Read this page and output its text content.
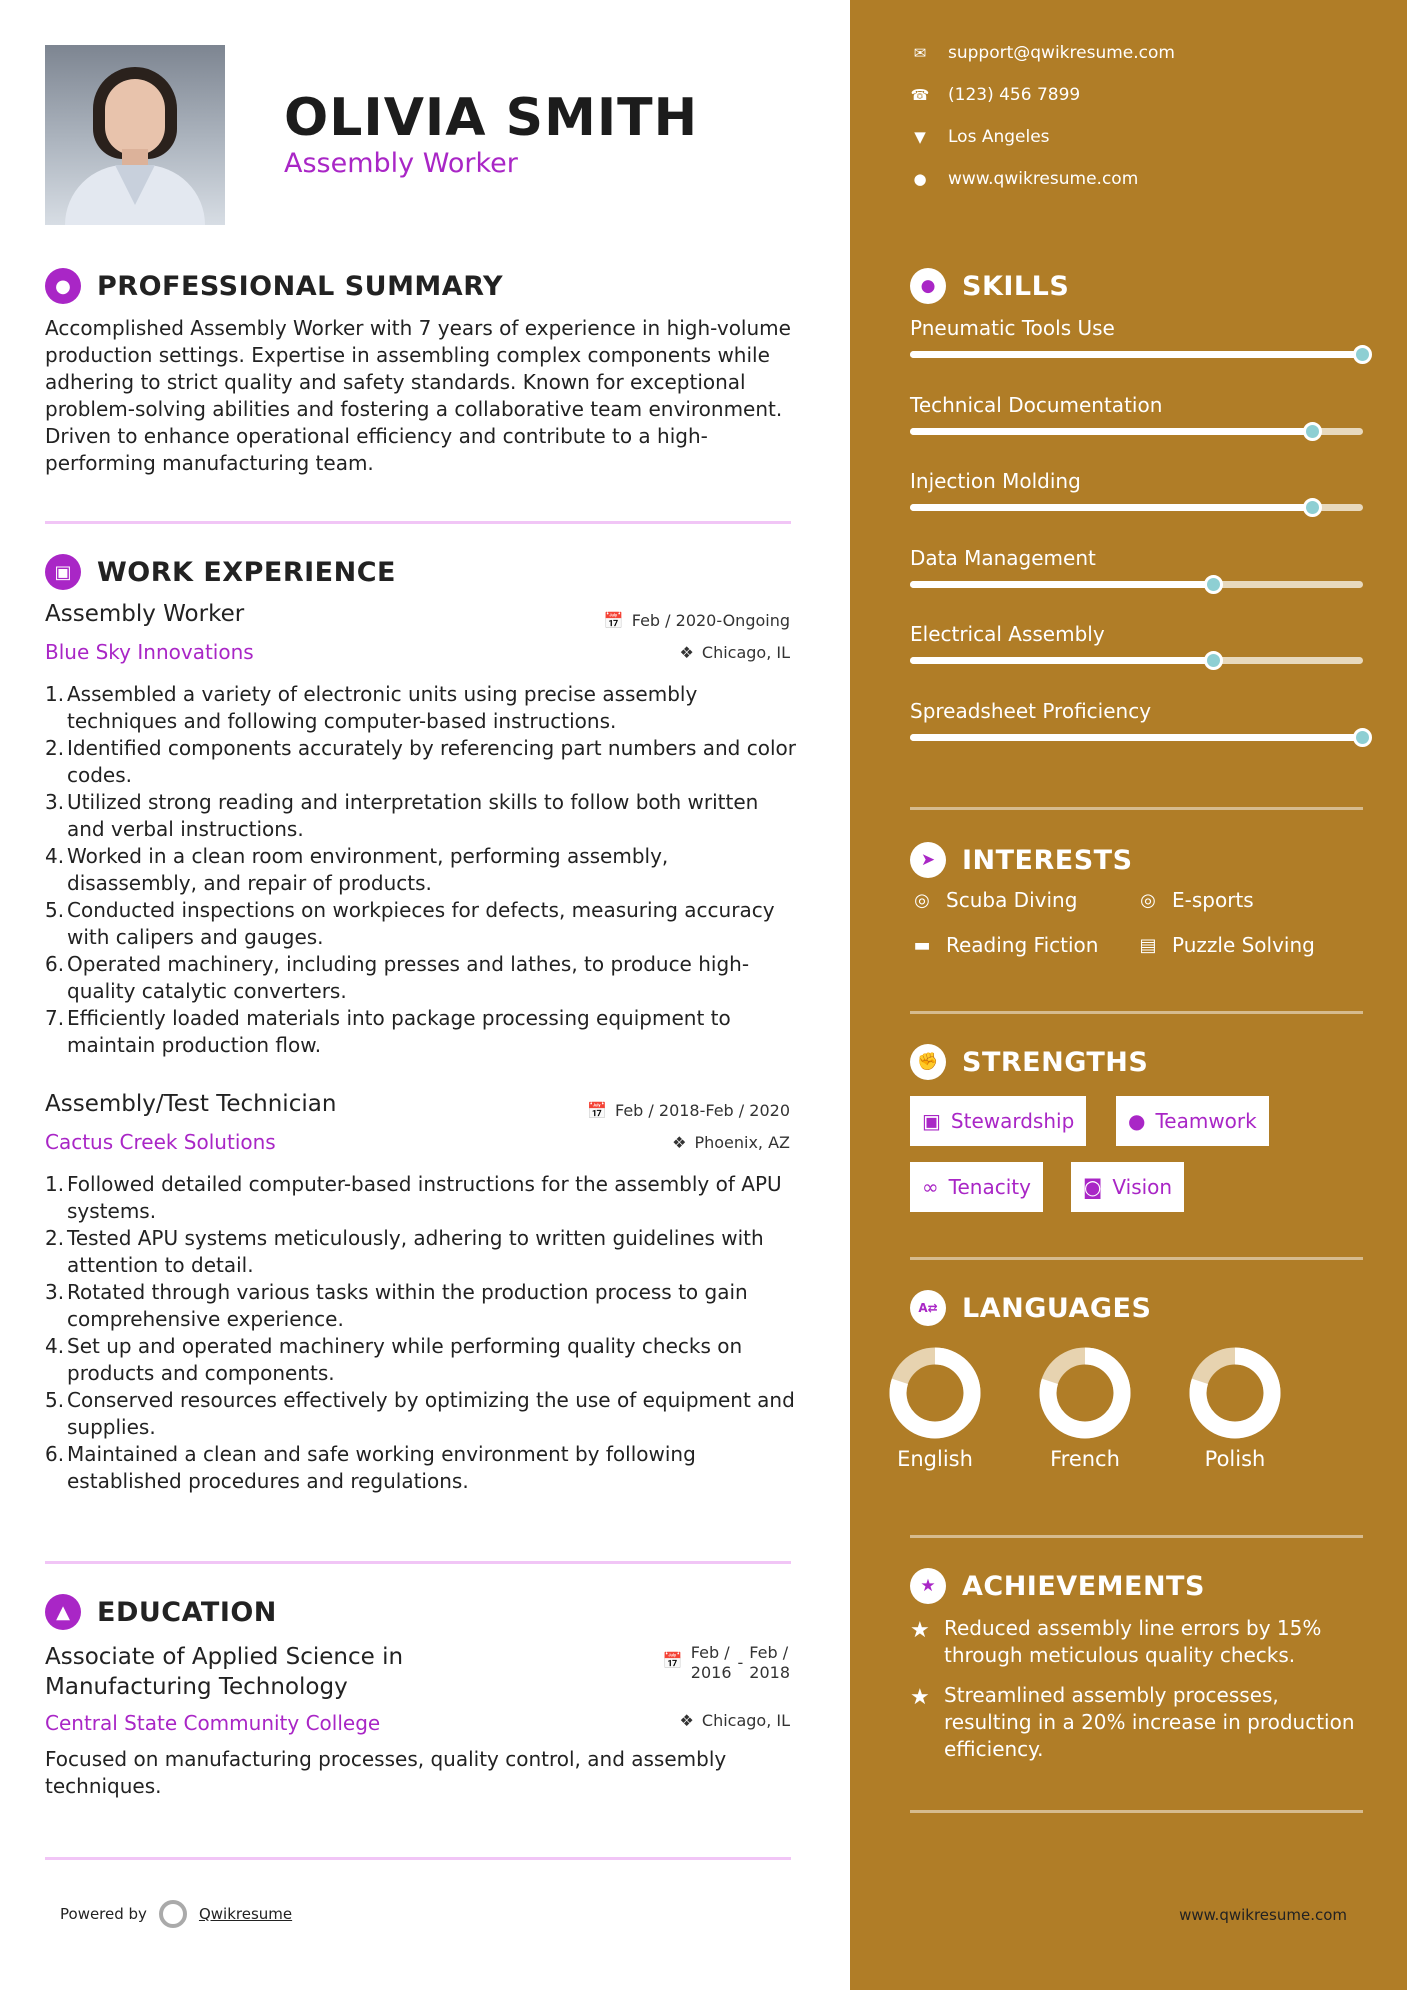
OLIVIA SMITH
Assembly Worker
● PROFESSIONAL SUMMARY
Accomplished Assembly Worker with 7 years of experience in high-volume production settings. Expertise in assembling complex components while adhering to strict quality and safety standards. Known for exceptional problem-solving abilities and fostering a collaborative team environment. Driven to enhance operational efficiency and contribute to a high-performing manufacturing team.
▣ WORK EXPERIENCE
Assembly Worker	📅 Feb / 2020-Ongoing
Blue Sky Innovations	❖ Chicago, IL
1. Assembled a variety of electronic units using precise assembly techniques and following computer-based instructions.
2. Identified components accurately by referencing part numbers and color codes.
3. Utilized strong reading and interpretation skills to follow both written and verbal instructions.
4. Worked in a clean room environment, performing assembly, disassembly, and repair of products.
5. Conducted inspections on workpieces for defects, measuring accuracy with calipers and gauges.
6. Operated machinery, including presses and lathes, to produce high-quality catalytic converters.
7. Efficiently loaded materials into package processing equipment to maintain production flow.
Assembly/Test Technician	📅 Feb / 2018-Feb / 2020
Cactus Creek Solutions	❖ Phoenix, AZ
1. Followed detailed computer-based instructions for the assembly of APU systems.
2. Tested APU systems meticulously, adhering to written guidelines with attention to detail.
3. Rotated through various tasks within the production process to gain comprehensive experience.
4. Set up and operated machinery while performing quality checks on products and components.
5. Conserved resources effectively by optimizing the use of equipment and supplies.
6. Maintained a clean and safe working environment by following established procedures and regulations.
▲	EDUCATION
Associate of Applied Science in
Manufacturing Technology
📅 Feb /
2016
-
Feb /
2018
Central State Community College	❖ Chicago, IL
Focused on manufacturing processes, quality control, and assembly techniques.
Powered by	Qwikresume
✉ support@qwikresume.com
☎ (123) 456 7899
▼ Los Angeles
● www.qwikresume.com
● SKILLS
Pneumatic Tools Use
Technical Documentation
Injection Molding
Data Management
Electrical Assembly
Spreadsheet Proficiency
➤ INTERESTS
◎ Scuba Diving	◎ E-sports
▬ Reading Fiction ▤ Puzzle Solving
✊ STRENGTHS
▣ Stewardship	● Teamwork
∞ Tenacity	◙ Vision
A⇄ LANGUAGES
English	French	Polish
★ ACHIEVEMENTS
★ Reduced assembly line errors by 15% through meticulous quality checks.
★ Streamlined assembly processes, resulting in a 20% increase in production efficiency.
www.qwikresume.com
